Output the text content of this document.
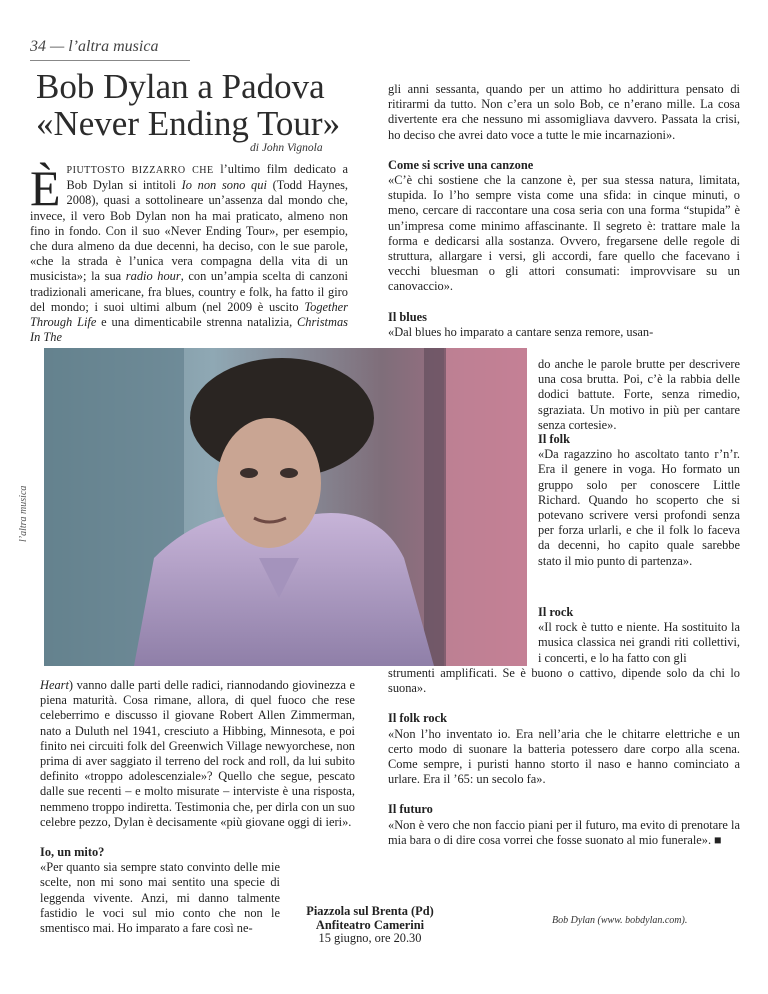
34 — l’altra musica
Bob Dylan a Padova
«Never Ending Tour»
di John Vignola
ÈPIUTTOSTO BIZZARRO CHE l’ultimo film dedicato a Bob Dylan si intitoli Io non sono qui (Todd Haynes, 2008), quasi a sottolineare un’assenza dal mondo che, invece, il vero Bob Dylan non ha mai praticato, almeno non fino in fondo. Con il suo «Never Ending Tour», per esempio, che dura almeno da due decenni, ha deciso, con le sue parole, «che la strada è l’unica vera compagna della vita di un musicista»; la sua radio hour, con un’ampia scelta di canzoni tradizionali americane, fra blues, country e folk, ha fatto il giro del mondo; i suoi ultimi album (nel 2009 è uscito Together Through Life e una dimenticabile strenna natalizia, Christmas In The
l’altra musica
Heart) vanno dalle parti delle radici, riannodando giovinezza e piena maturità. Cosa rimane, allora, di quel fuoco che rese celeberrimo e discusso il giovane Robert Allen Zimmerman, nato a Duluth nel 1941, cresciuto a Hibbing, Minnesota, e poi finito nei circuiti folk del Greenwich Village newyorchese, non prima di aver saggiato il terreno del rock and roll, da lui subito definito «troppo adolescenziale»? Quello che segue, pescato dalle sue recenti – e molto misurate – interviste è una risposta, nemmeno troppo indiretta. Testimonia che, per dirla con un suo celebre pezzo, Dylan è decisamente «più giovane oggi di ieri».

Io, un mito?

«Per quanto sia sempre stato convinto delle mie scelte, non mi sono mai sentito una specie di leggenda vivente. Anzi, mi danno talmente fastidio le voci sul mio conto che non le smentisco mai. Ho imparato a fare così ne-

gli anni sessanta, quando per un attimo ho addirittura pensato di ritirarmi da tutto. Non c’era un solo Bob, ce n’erano mille. La cosa divertente era che nessuno mi assomigliava davvero. Passata la crisi, ho deciso che avrei dato voce a tutte le mie incarnazioni».

Come si scrive una canzone

«C’è chi sostiene che la canzone è, per sua stessa natura, limitata, stupida. Io l’ho sempre vista come una sfida: in cinque minuti, o meno, cercare di raccontare una cosa seria con una forma “stupida” è un’impresa come minimo affascinante. Il segreto è: trattare male la forma e dedicarsi alla sostanza. Ovvero, fregarsene delle regole di struttura, allargare i versi, gli accordi, fare quello che facevano i vecchi bluesman o gli attori consumati: improvvisare su un canovaccio».

Il blues

«Dal blues ho imparato a cantare senza remore, usan-

do anche le parole brutte per descrivere una cosa brutta. Poi, c’è la rabbia delle dodici battute. Forte, senza rimedio, sgraziata. Un motivo in più per cantare senza cortesie».

Il folk

«Da ragazzino ho ascoltato tanto r’n’r. Era il genere in voga. Ho formato un gruppo solo per conoscere Little Richard. Quando ho scoperto che si potevano scrivere versi profondi senza per forza urlarli, e che il folk lo faceva da decenni, ho capito quale sarebbe stato il mio punto di partenza».

Il rock

«Il rock è tutto e niente. Ha sostituito la musica classica nei grandi riti collettivi, i concerti, e lo ha fatto con gli

strumenti amplificati. Se è buono o cattivo, dipende solo da chi lo suona».

Il folk rock

«Non l’ho inventato io. Era nell’aria che le chitarre elettriche e un certo modo di suonare la batteria potessero dare corpo alla scena. Come sempre, i puristi hanno storto il naso e hanno cominciato a urlare. Era il ’65: un secolo fa».

Il futuro

«Non è vero che non faccio piani per il futuro, ma evito di prenotare la mia bara o di dire cosa vorrei che fosse suonato al mio funerale». ■

Piazzola sul Brenta (Pd)
Anfiteatro Camerini
15 giugno, ore 20.30
Bob Dylan (www. bobdylan.com).
